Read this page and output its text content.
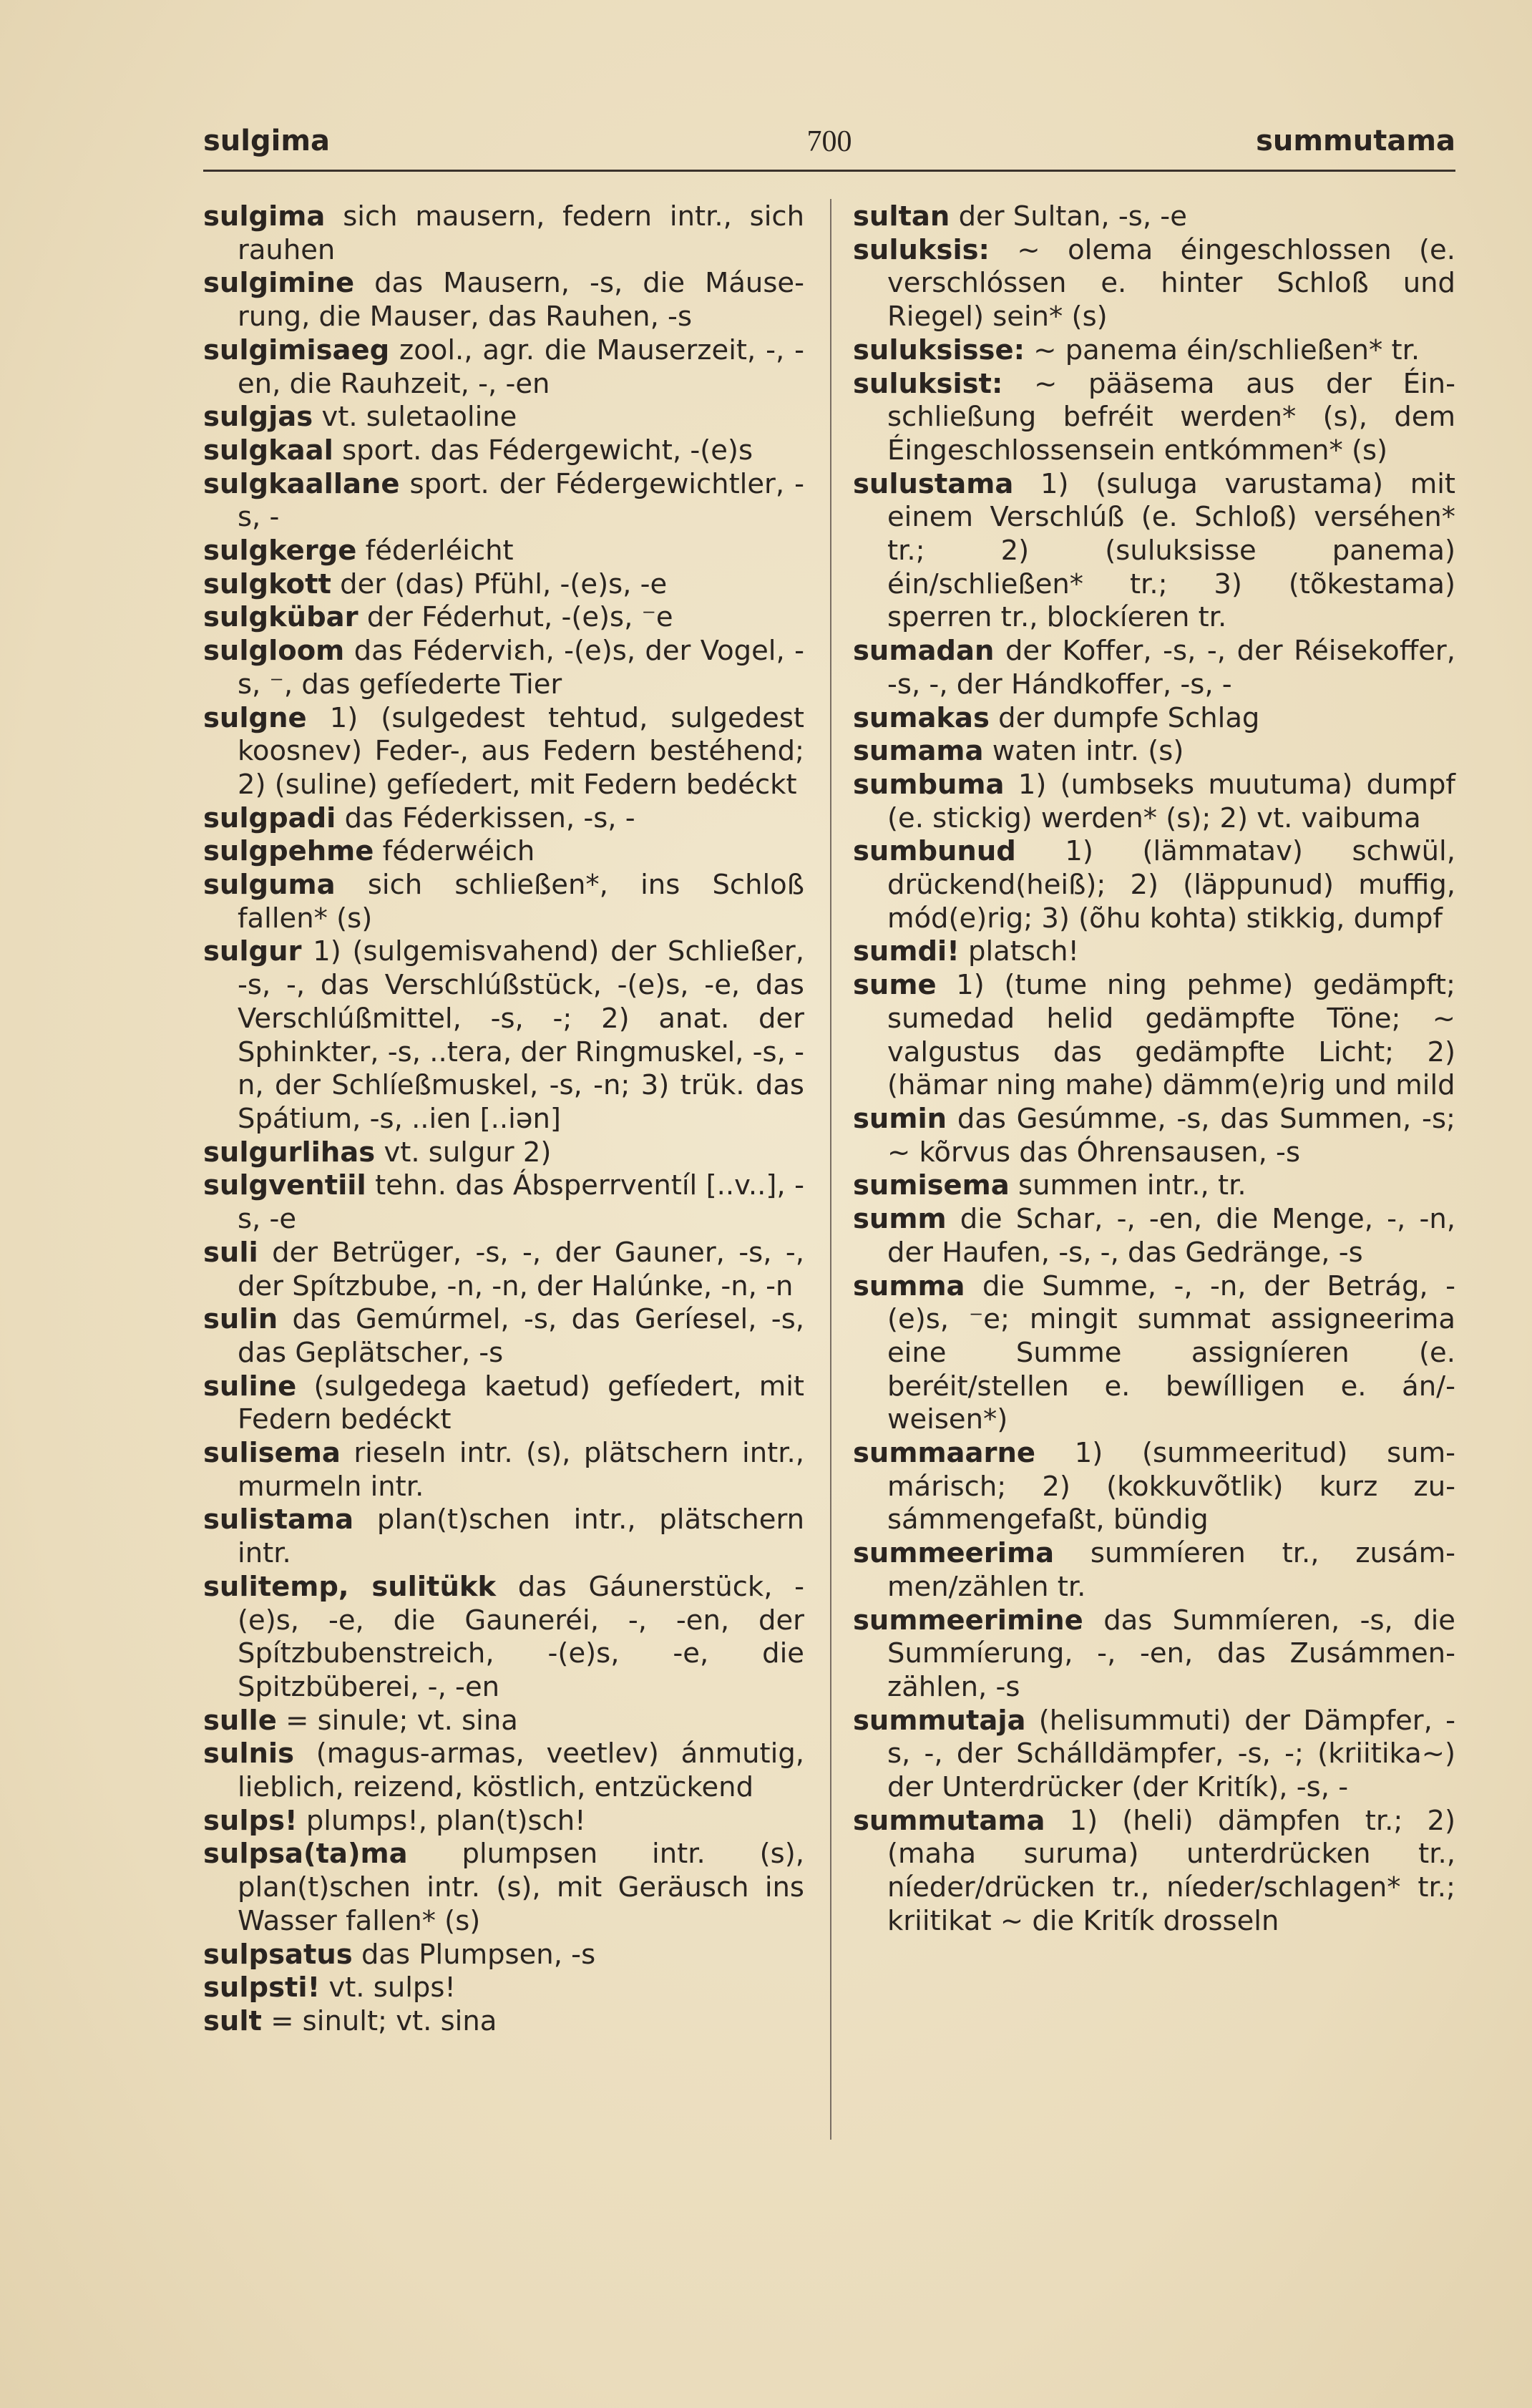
sulgima	700	summutama

sulgima sich mausern, federn intr., sich rauhen

sulgimine das Mausern, -s, die Máuserung, die Mauser, das Rauhen, -s

sulgimisaeg zool., agr. die Mauserzeit, -, -en, die Rauhzeit, -, -en

sulgjas vt. suletaoline

sulgkaal sport. das Fédergewicht, -(e)s

sulgkaallane sport. der Fédergewichtler, -s, -

sulgkerge féderléicht

sulgkott der (das) Pfühl, -(e)s, -e

sulgkübar der Féderhut, -(e)s, ⁻e

sulgloom das Féderviεh, -(e)s, der Vogel, -s, ⁻, das gefíederte Tier

sulgne 1) (sulgedest tehtud, sulgedest koosnev) Feder-, aus Federn bestéhend; 2) (suline) gefíedert, mit Federn bedéckt

sulgpadi das Féderkissen, -s, -

sulgpehme féderwéich

sulguma sich schließen*, ins Schloß fallen* (s)

sulgur 1) (sulgemisvahend) der Schließer, -s, -, das Verschlúßstück, -(e)s, -e, das Verschlúßmittel, -s, -; 2) anat. der Sphinkter, -s, ..tera, der Ringmuskel, -s, -n, der Schlíeßmuskel, -s, -n; 3) trük. das Spátium, -s, ..ien [..iən]

sulgurlihas vt. sulgur 2)

sulgventiil tehn. das Ábsperrventíl [..v..], -s, -e

suli der Betrüger, -s, -, der Gauner, -s, -, der Spítzbube, -n, -n, der Halúnke, -n, -n

sulin das Gemúrmel, -s, das Geríesel, -s, das Geplätscher, -s

suline (sulgedega kaetud) gefíedert, mit Federn bedéckt

sulisema rieseln intr. (s), plätschern intr., murmeln intr.

sulistama plan(t)schen intr., plätschern intr.

sulitemp, sulitükk das Gáunerstück, -(e)s, -e, die Gauneréi, -, -en, der Spítzbubenstreich, -(e)s, -e, die Spitzbüberei, -, -en

sulle = sinule; vt. sina

sulnis (magus-armas, veetlev) ánmutig, lieblich, reizend, köstlich, entzückend

sulps! plumps!, plan(t)sch!

sulpsa(ta)ma plumpsen intr. (s), plan(t)schen intr. (s), mit Geräusch ins Wasser fallen* (s)

sulpsatus das Plumpsen, -s

sulpsti! vt. sulps!

sult = sinult; vt. sina

sultan der Sultan, -s, -e

suluksis: ~ olema éingeschlossen (e. verschlóssen e. hinter Schloß und Riegel) sein* (s)

suluksisse: ~ panema éin/schließen* tr.

suluksist: ~ pääsema aus der Éinschließung befréit werden* (s), dem Éingeschlossensein entkómmen* (s)

sulustama 1) (suluga varustama) mit einem Verschlúß (e. Schloß) verséhen* tr.; 2) (suluksisse panema) éin/schließen* tr.; 3) (tõkestama) sperren tr., blockíeren tr.

sumadan der Koffer, -s, -, der Réisekoffer, -s, -, der Hándkoffer, -s, -

sumakas der dumpfe Schlag

sumama waten intr. (s)

sumbuma 1) (umbseks muutuma) dumpf (e. stickig) werden* (s); 2) vt. vaibuma

sumbunud 1) (lämmatav) schwül, drückend(heiß); 2) (läppunud) muffig, mód(e)rig; 3) (õhu kohta) stikkig, dumpf

sumdi! platsch!

sume 1) (tume ning pehme) gedämpft; sumedad helid gedämpfte Töne; ~ valgustus das gedämpfte Licht; 2) (hämar ning mahe) dämm(e)rig und mild

sumin das Gesúmme, -s, das Summen, -s; ~ kõrvus das Óhrensausen, -s

sumisema summen intr., tr.

summ die Schar, -, -en, die Menge, -, -n, der Haufen, -s, -, das Gedränge, -s

summa die Summe, -, -n, der Betrág, -(e)s, ⁻e; mingit summat assigneerima eine Summe assigníeren (e. beréit/stellen e. bewílligen e. án/weisen*)

summaarne 1) (summeeritud) summárisch; 2) (kokkuvõtlik) kurz zusámmengefaßt, bündig

summeerima summíeren tr., zusámmen/zählen tr.

summeerimine das Summíeren, -s, die Summíerung, -, -en, das Zusámmenzählen, -s

summutaja (helisummuti) der Dämpfer, -s, -, der Schálldämpfer, -s, -; (kriitika~) der Unterdrücker (der Kritík), -s, -

summutama 1) (heli) dämpfen tr.; 2) (maha suruma) unterdrücken tr., níeder/drücken tr., níeder/schlagen* tr.; kriitikat ~ die Kritík drosseln
